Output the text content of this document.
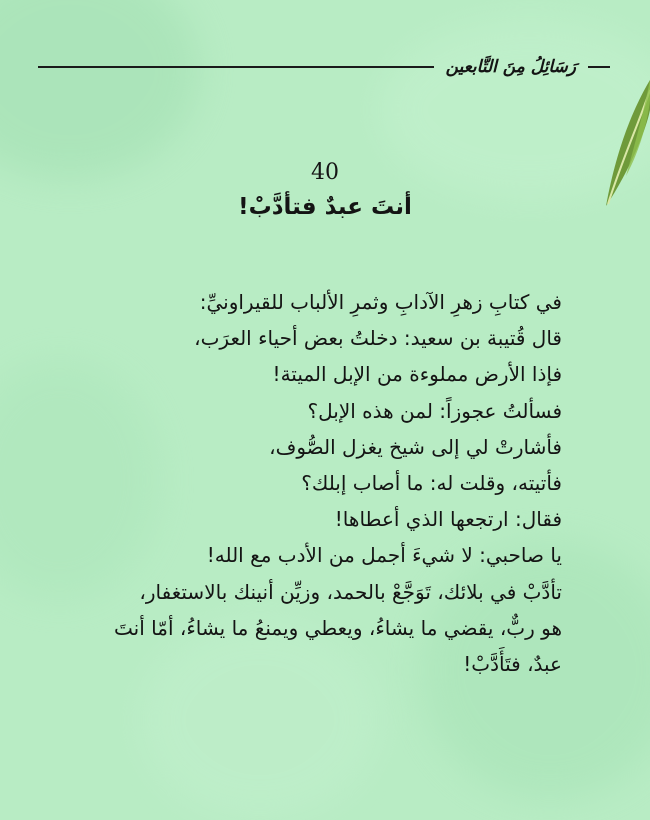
رَسَائِلُ مِنَ التَّابعين
40
أنتَ عبدٌ فتأدَّبْ!
في كتابِ زهرِ الآدابِ وثمرِ الألباب للقيراونيِّ:
قال قُتيبة بن سعيد: دخلتُ بعض أحياء العرَب،
فإذا الأرض مملوءة من الإبل الميتة!
فسألتُ عجوزاً: لمن هذه الإبل؟
فأشارتْ لي إلى شيخ يغزل الصُّوف،
فأتيته، وقلت له: ما أصاب إبلك؟
فقال: ارتجعها الذي أعطاها!
يا صاحبي: لا شيءَ أجمل من الأدب مع الله!
تأدَّبْ في بلائك، تَوَجَّعْ بالحمد، وزيِّن أنينك بالاستغفار،
هو ربٌّ، يقضي ما يشاءُ، ويعطي ويمنعُ ما يشاءُ، أمّا أنتَ
عبدٌ، فتَأَدَّبْ!
